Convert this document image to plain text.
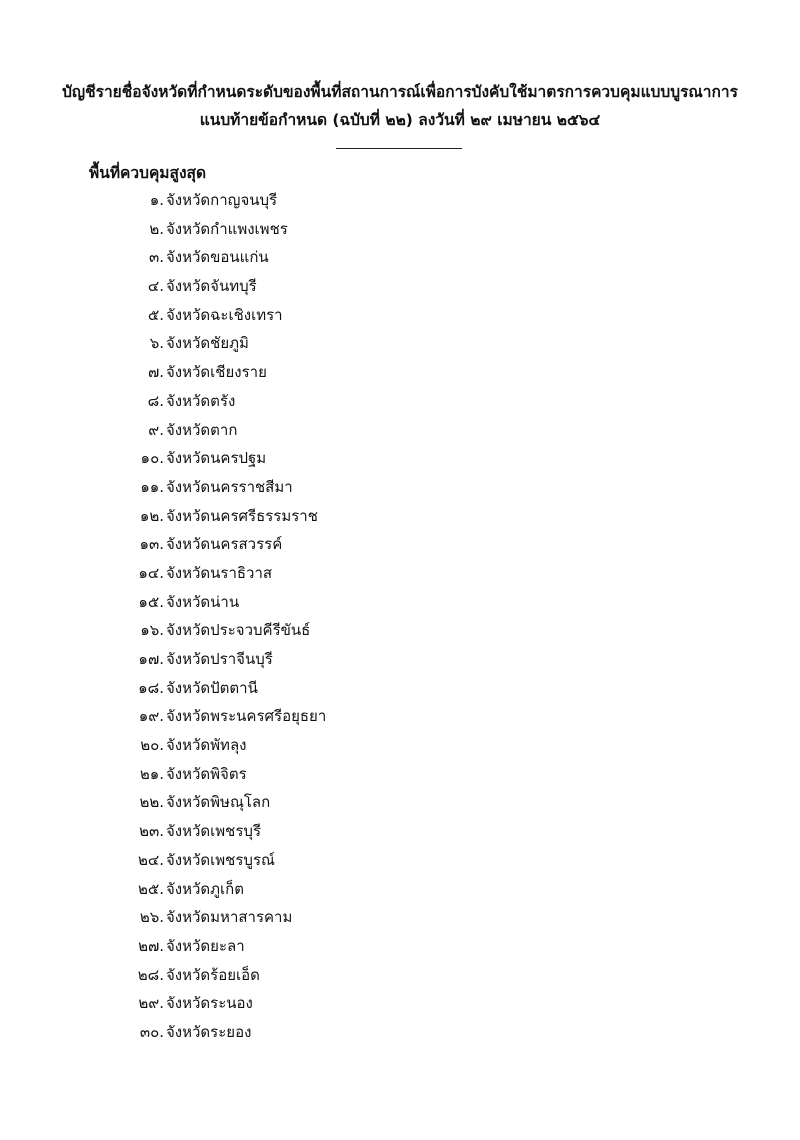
บัญชีรายชื่อจังหวัดที่กำหนดระดับของพื้นที่สถานการณ์เพื่อการบังคับใช้มาตรการควบคุมแบบบูรณาการ
แนบท้ายข้อกำหนด (ฉบับที่ ๒๒) ลงวันที่ ๒๙ เมษายน ๒๕๖๔
พื้นที่ควบคุมสูงสุด
๑. จังหวัดกาญจนบุรี
๒. จังหวัดกำแพงเพชร
๓. จังหวัดขอนแก่น
๔. จังหวัดจันทบุรี
๕. จังหวัดฉะเชิงเทรา
๖. จังหวัดชัยภูมิ
๗. จังหวัดเชียงราย
๘. จังหวัดตรัง
๙. จังหวัดตาก
๑๐. จังหวัดนครปฐม
๑๑. จังหวัดนครราชสีมา
๑๒. จังหวัดนครศรีธรรมราช
๑๓. จังหวัดนครสวรรค์
๑๔. จังหวัดนราธิวาส
๑๕. จังหวัดน่าน
๑๖. จังหวัดประจวบคีรีขันธ์
๑๗. จังหวัดปราจีนบุรี
๑๘. จังหวัดปัตตานี
๑๙. จังหวัดพระนครศรีอยุธยา
๒๐. จังหวัดพัทลุง
๒๑. จังหวัดพิจิตร
๒๒. จังหวัดพิษณุโลก
๒๓. จังหวัดเพชรบุรี
๒๔. จังหวัดเพชรบูรณ์
๒๕. จังหวัดภูเก็ต
๒๖. จังหวัดมหาสารคาม
๒๗. จังหวัดยะลา
๒๘. จังหวัดร้อยเอ็ด
๒๙. จังหวัดระนอง
๓๐. จังหวัดระยอง
